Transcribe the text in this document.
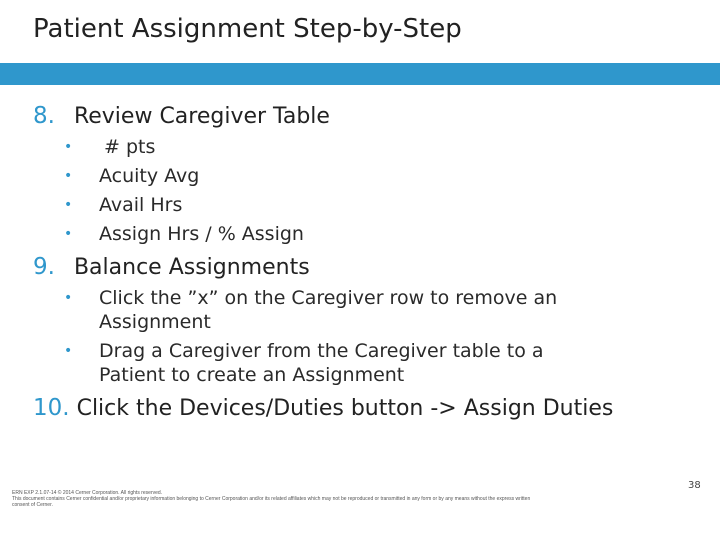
Patient Assignment Step-by-Step
8. Review Caregiver Table
• # pts
• Acuity Avg
• Avail Hrs
• Assign Hrs / % Assign
9. Balance Assignments
• Click the ”x” on the Caregiver row to remove an
Assignment
• Drag a Caregiver from the Caregiver table to a
Patient to create an Assignment
10. Click the Devices/Duties button -> Assign Duties
ERN EXP 2.1.07-14 © 2014 Cerner Corporation. All rights reserved.
This document contains Cerner confidential and/or proprietary information belonging to Cerner Corporation and/or its related affiliates which may not be reproduced or transmitted in any form or by any means without the express written
consent of Cerner.
38
